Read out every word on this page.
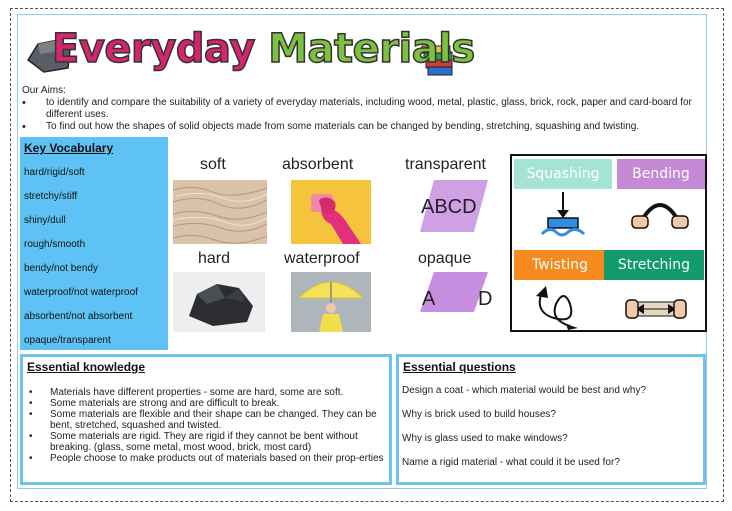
Everyday Materials
Our Aims:
• to identify and compare the suitability of a variety of everyday materials, including wood, metal, plastic, glass, brick, rock, paper and card-board for different uses.
• To find out how the shapes of solid objects made from some materials can be changed by bending, stretching, squashing and twisting.
Key Vocabulary
hard/rigid/soft
stretchy/stiff
shiny/dull
rough/smooth
bendy/not bendy
waterproof/not waterproof
absorbent/not absorbent
opaque/transparent
soft	absorbent	transparent
hard	waterproof	opaque
ABCD
A D
Squashing	Bending
Twisting	Stretching
Essential knowledge
• Materials have different properties - some are hard, some are soft.
• Some materials are strong and are difficult to break.
• Some materials are flexible and their shape can be changed. They can be bent, stretched, squashed and twisted.
• Some materials are rigid. They are rigid if they cannot be bent without breaking. (glass, some metal, most wood, brick, most card)
• People choose to make products out of materials based on their prop-erties
Essential questions
Design a coat - which material would be best and why?
Why is brick used to build houses?
Why is glass used to make windows?
Name a rigid material - what could it be used for?
